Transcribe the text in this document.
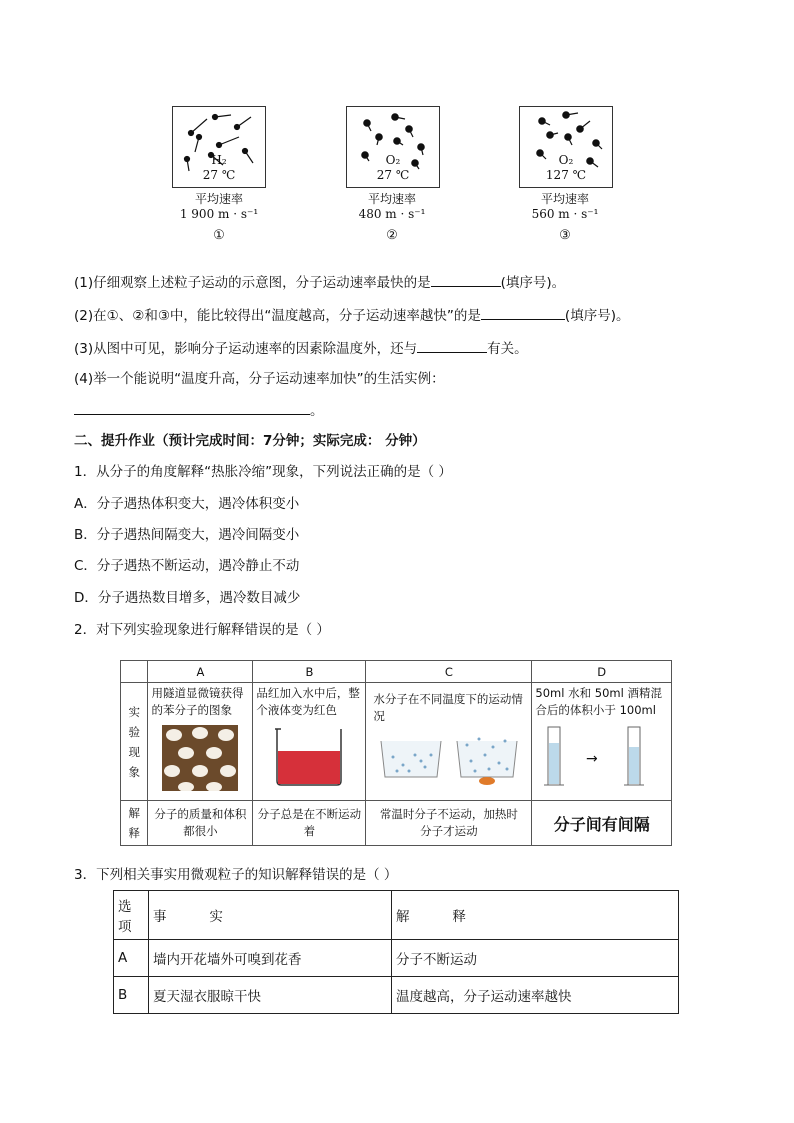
H₂
27 ℃
平均速率
1 900 m · s⁻¹
①
O₂
27 ℃
平均速率
480 m · s⁻¹
②
O₂
127 ℃
平均速率
560 m · s⁻¹
③
(1)仔细观察上述粒子运动的示意图，分子运动速率最快的是	(填序号)。
(2)在①、②和③中，能比较得出“温度越高，分子运动速率越快”的是	(填序号)。
(3)从图中可见，影响分子运动速率的因素除温度外，还与	有关。
(4)举一个能说明“温度升高，分子运动速率加快”的生活实例：
。
二、提升作业（预计完成时间：7分钟；实际完成： 分钟）
1．从分子的角度解释“热胀冷缩”现象，下列说法正确的是（ ）
A．分子遇热体积变大，遇冷体积变小
B．分子遇热间隔变大，遇冷间隔变小
C．分子遇热不断运动，遇冷静止不动
D．分子遇热数目增多，遇冷数目减少
2．对下列实验现象进行解释错误的是（ ）
	A	B	C	D
实验现象	用隧道显微镜获得的苯分子的图象	品红加入水中后，整个液体变为红色	水分子在不同温度下的运动情况	50ml 水和 50ml 酒精混合后的体积小于 100ml
→

解释	分子的质量和体积都很小	分子总是在不断运动着	常温时分子不运动，加热时分子才运动	分子间有间隔
3．下列相关事实用微观粒子的知识解释错误的是（ ）
选项	事          实	解          释
A	墙内开花墙外可嗅到花香	分子不断运动
B	夏天湿衣服晾干快	温度越高，分子运动速率越快
